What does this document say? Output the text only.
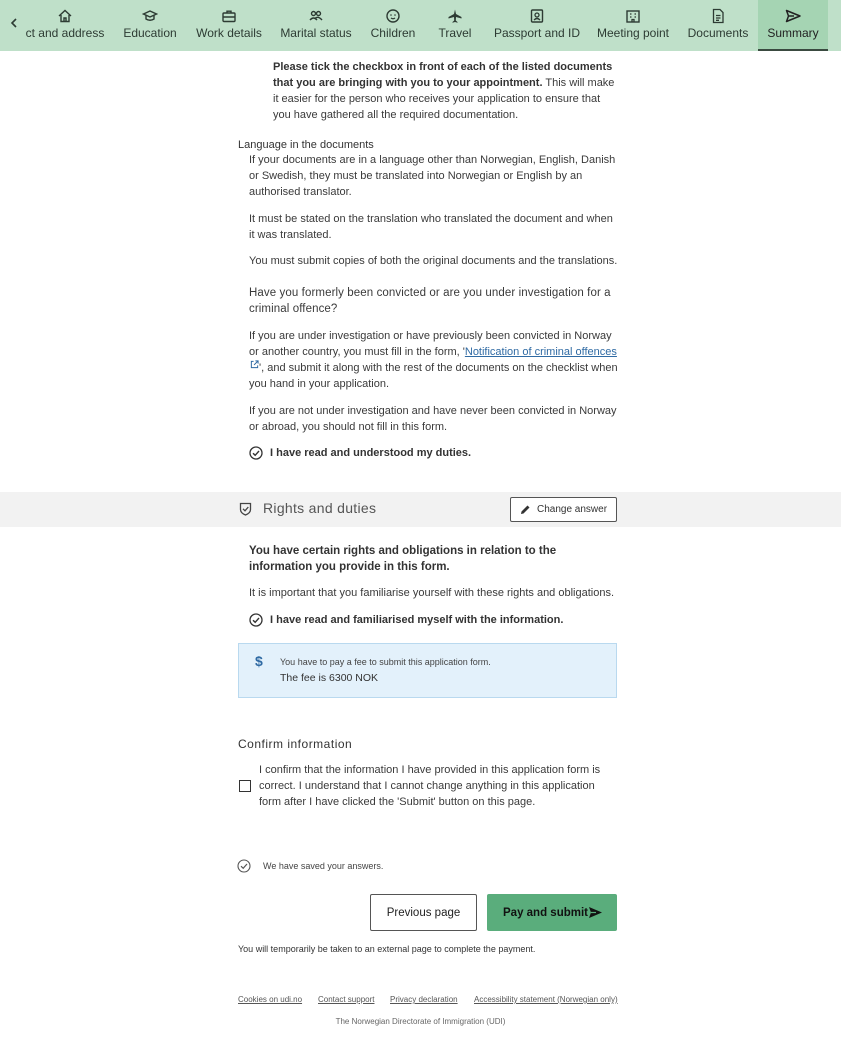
ct and address	Education	Work details	Marital status	Children	Travel	Passport and ID	Meeting point	Documents	Summary

Please tick the checkbox in front of each of the listed documents that you are bringing with you to your appointment. This will make it easier for the person who receives your application to ensure that you have gathered all the required documentation.

Language in the documents

If your documents are in a language other than Norwegian, English, Danish or Swedish, they must be translated into Norwegian or English by an authorised translator.

It must be stated on the translation who translated the document and when it was translated.

You must submit copies of both the original documents and the translations.

Have you formerly been convicted or are you under investigation for a criminal offence?

If you are under investigation or have previously been convicted in Norway or another country, you must fill in the form, 'Notification of criminal offences', and submit it along with the rest of the documents on the checklist when you hand in your application.

If you are not under investigation and have never been convicted in Norway or abroad, you should not fill in this form.

I have read and understood my duties.

Rights and duties	Change answer

You have certain rights and obligations in relation to the information you provide in this form.

It is important that you familiarise yourself with these rights and obligations.

I have read and familiarised myself with the information.

$ You have to pay a fee to submit this application form.

The fee is 6300 NOK

Confirm information

I confirm that the information I have provided in this application form is correct. I understand that I cannot change anything in this application form after I have clicked the 'Submit' button on this page.

We have saved your answers.

Previous page	Pay and submit

You will temporarily be taken to an external page to complete the payment.

Cookies on udi.no Contact support Privacy declaration Accessibility statement (Norwegian only)

The Norwegian Directorate of Immigration (UDI)
